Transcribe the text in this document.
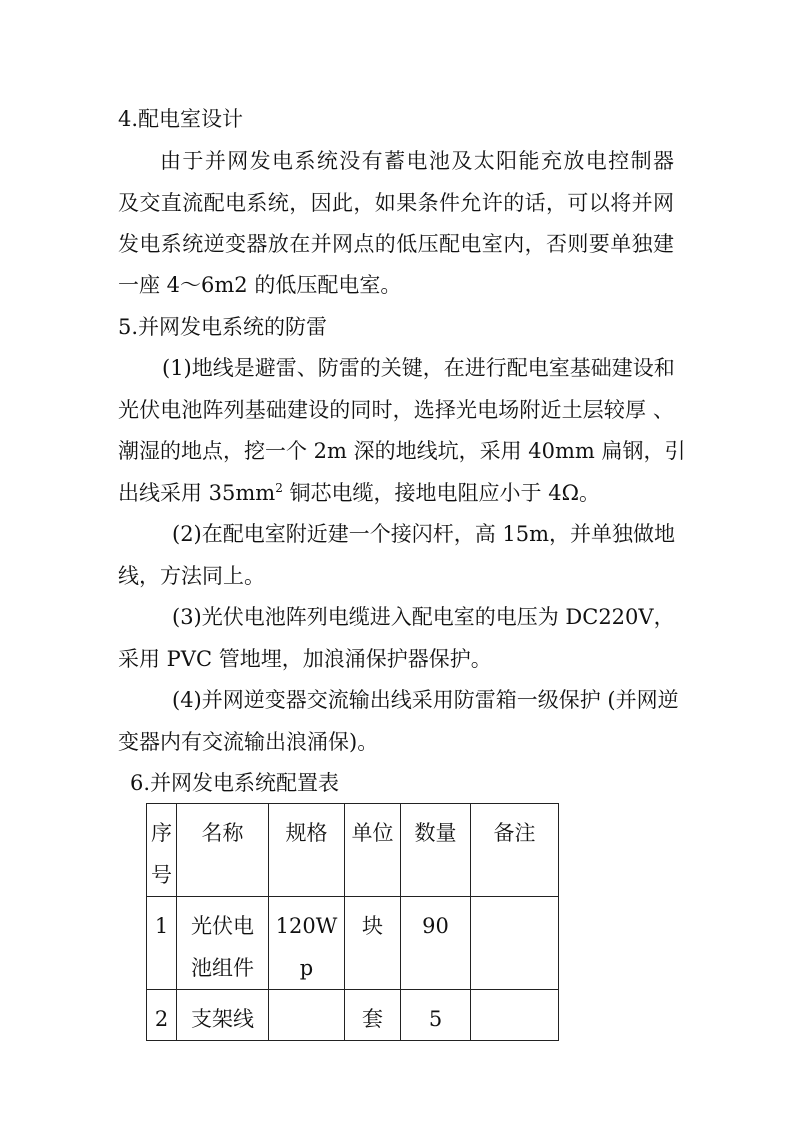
4.配电室设计
由于并网发电系统没有蓄电池及太阳能充放电控制器
及交直流配电系统，因此，如果条件允许的话，可以将并网
发电系统逆变器放在并网点的低压配电室内，否则要单独建
一座 4～6m2 的低压配电室。
5.并网发电系统的防雷
(1)地线是避雷、防雷的关键，在进行配电室基础建设和
光伏电池阵列基础建设的同时，选择光电场附近土层较厚 、
潮湿的地点，挖一个 2m 深的地线坑，采用 40mm 扁钢，引
出线采用 $35mm^2$ 铜芯电缆，接地电阻应小于 4Ω。
(2)在配电室附近建一个接闪杆，高 15m，并单独做地
线，方法同上。
(3)光伏电池阵列电缆进入配电室的电压为 DC220V，
采用 PVC 管地埋，加浪涌保护器保护。
(4)并网逆变器交流输出线采用防雷箱一级保护 (并网逆
变器内有交流输出浪涌保)。
6.并网发电系统配置表
序号	名称	规格	单位	数量	备注

1	光伏电池组件	120Wp	块	90	

2	支架线		套	5	
